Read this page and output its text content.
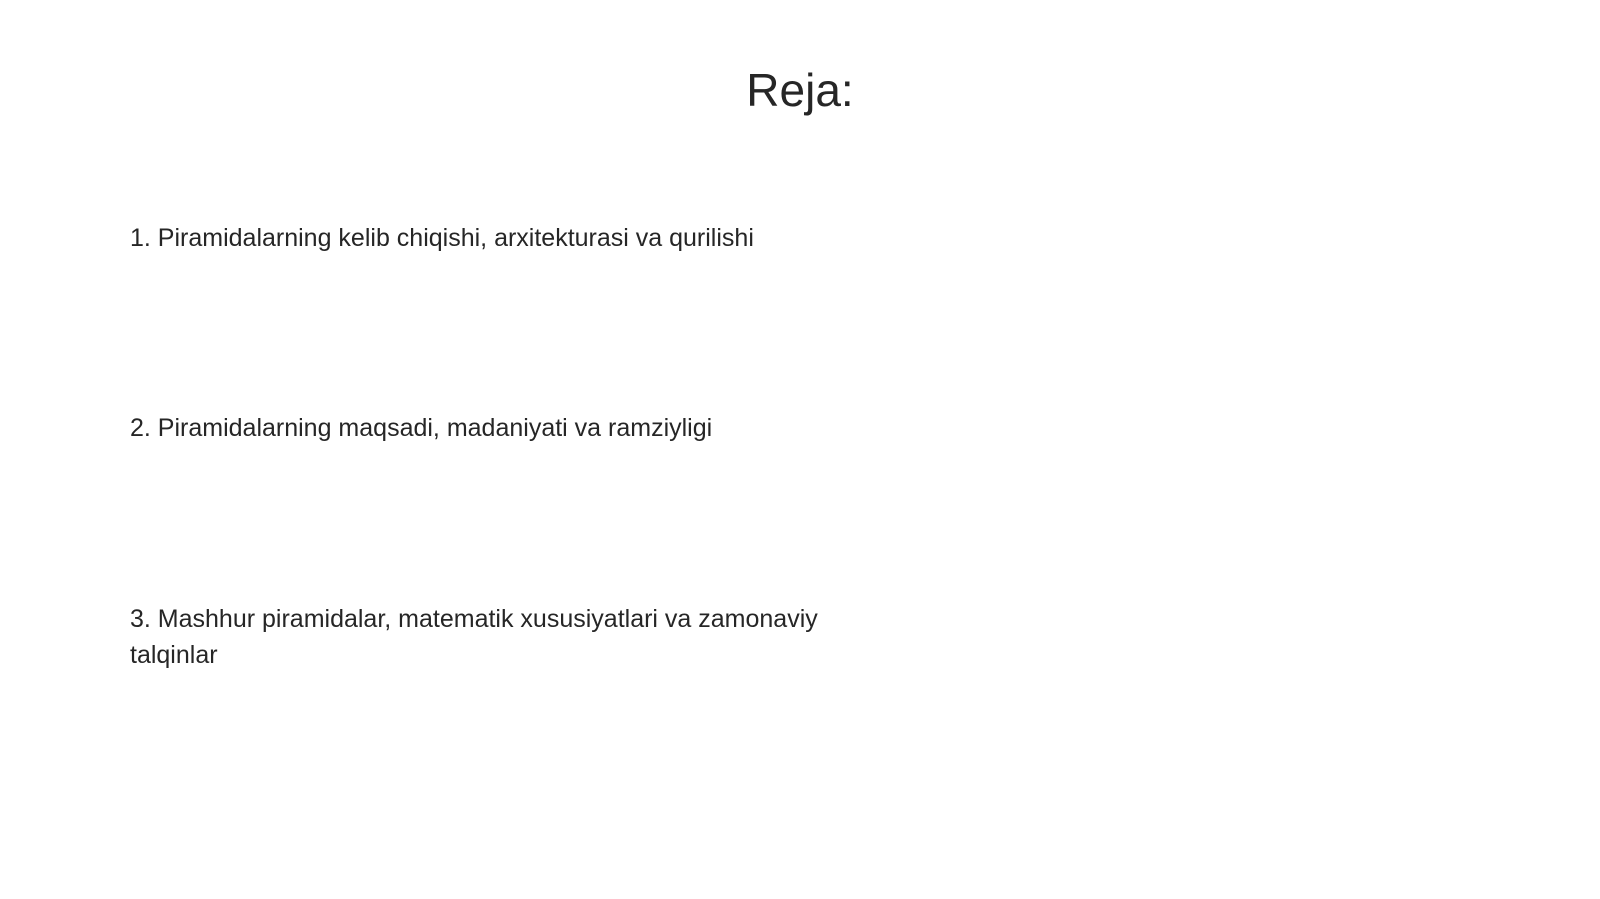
Reja:
1. Piramidalarning kelib chiqishi, arxitekturasi va qurilishi
2. Piramidalarning maqsadi, madaniyati va ramziyligi
3. Mashhur piramidalar, matematik xususiyatlari va zamonaviy talqinlar
